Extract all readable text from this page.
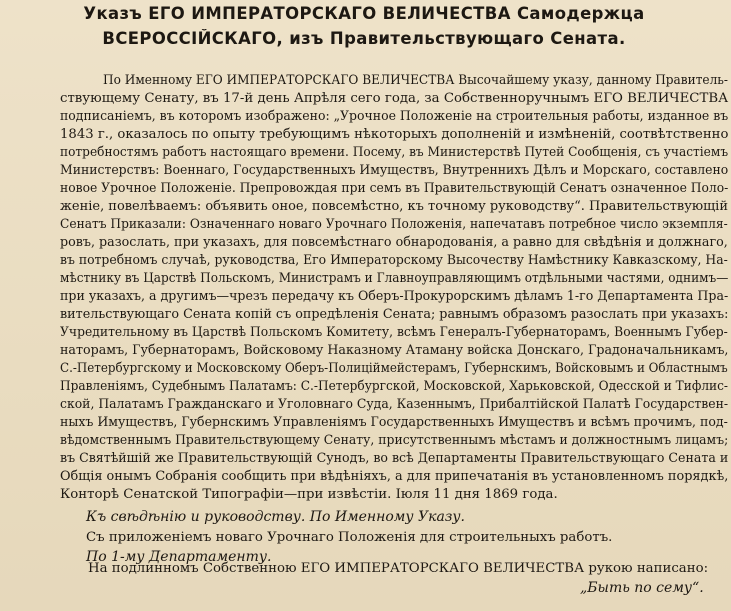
Указъ ЕГО ИМПЕРАТОРСКАГО ВЕЛИЧЕСТВА Самодержца
ВСЕРОССІЙСКАГО, изъ Правительствующаго Сената.
По Именному ЕГО ИМПЕРАТОРСКАГО ВЕЛИЧЕСТВА Высочайшему указу, данному Правитель-
ствующему Сенату, въ 17-й день Апрѣля сего года, за Собственноручнымъ ЕГО ВЕЛИЧЕСТВА
подписаніемъ, въ которомъ изображено: „Урочное Положеніе на строительныя работы, изданное въ
1843 г., оказалось по опыту требующимъ нѣкоторыхъ дополненій и измѣненій, соотвѣтственно
потребностямъ работъ настоящаго времени. Посему, въ Министерствѣ Путей Сообщенія, съ участіемъ
Министерствъ: Военнаго, Государственныхъ Имуществъ, Внутреннихъ Дѣлъ и Морскаго, составлено
новое Урочное Положеніе. Препровождая при семъ въ Правительствующій Сенатъ означенное Поло-
женіе, повелѣваемъ: объявить оное, повсемѣстно, къ точному руководству“. Правительствующій
Сенатъ Приказали: Означеннаго новаго Урочнаго Положенія, напечатавъ потребное число экземпля-
ровъ, разослать, при указахъ, для повсемѣстнаго обнародованія, а равно для свѣдѣнія и должнаго,
въ потребномъ случаѣ, руководства, Его Императорскому Высочеству Намѣстнику Кавказскому, На-
мѣстнику въ Царствѣ Польскомъ, Министрамъ и Главноуправляющимъ отдѣльными частями, однимъ—
при указахъ, а другимъ—чрезъ передачу къ Оберъ-Прокурорскимъ дѣламъ 1-го Департамента Пра-
вительствующаго Сената копій съ опредѣленія Сената; равнымъ образомъ разослать при указахъ:
Учредительному въ Царствѣ Польскомъ Комитету, всѣмъ Генералъ-Губернаторамъ, Военнымъ Губер-
наторамъ, Губернаторамъ, Войсковому Наказному Атаману войска Донскаго, Градоначальникамъ,
С.-Петербургскому и Московскому Оберъ-Полиціймейстерамъ, Губернскимъ, Войсковымъ и Областнымъ
Правленіямъ, Судебнымъ Палатамъ: С.-Петербургской, Московской, Харьковской, Одесской и Тифлис-
ской, Палатамъ Гражданскаго и Уголовнаго Суда, Казеннымъ, Прибалтійской Палатѣ Государствен-
ныхъ Имуществъ, Губернскимъ Управленіямъ Государственныхъ Имуществъ и всѣмъ прочимъ, под-
вѣдомственнымъ Правительствующему Сенату, присутственнымъ мѣстамъ и должностнымъ лицамъ;
въ Святѣйшій же Правительствующій Сунодъ, во всѣ Департаменты Правительствующаго Сената и
Общія онымъ Собранія сообщить при вѣдѣніяхъ, а для припечатанія въ установленномъ порядкѣ,
Конторѣ Сенатской Типографіи—при извѣстіи. Іюля 11 дня 1869 года.
Къ свѣдѣнію и руководству. По Именному Указу.
Съ приложеніемъ новаго Урочнаго Положенія для строительныхъ работъ.
По 1-му Департаменту.
На подлинномъ Собственною ЕГО ИМПЕРАТОРСКАГО ВЕЛИЧЕСТВА рукою написано:
„Быть по сему“.
